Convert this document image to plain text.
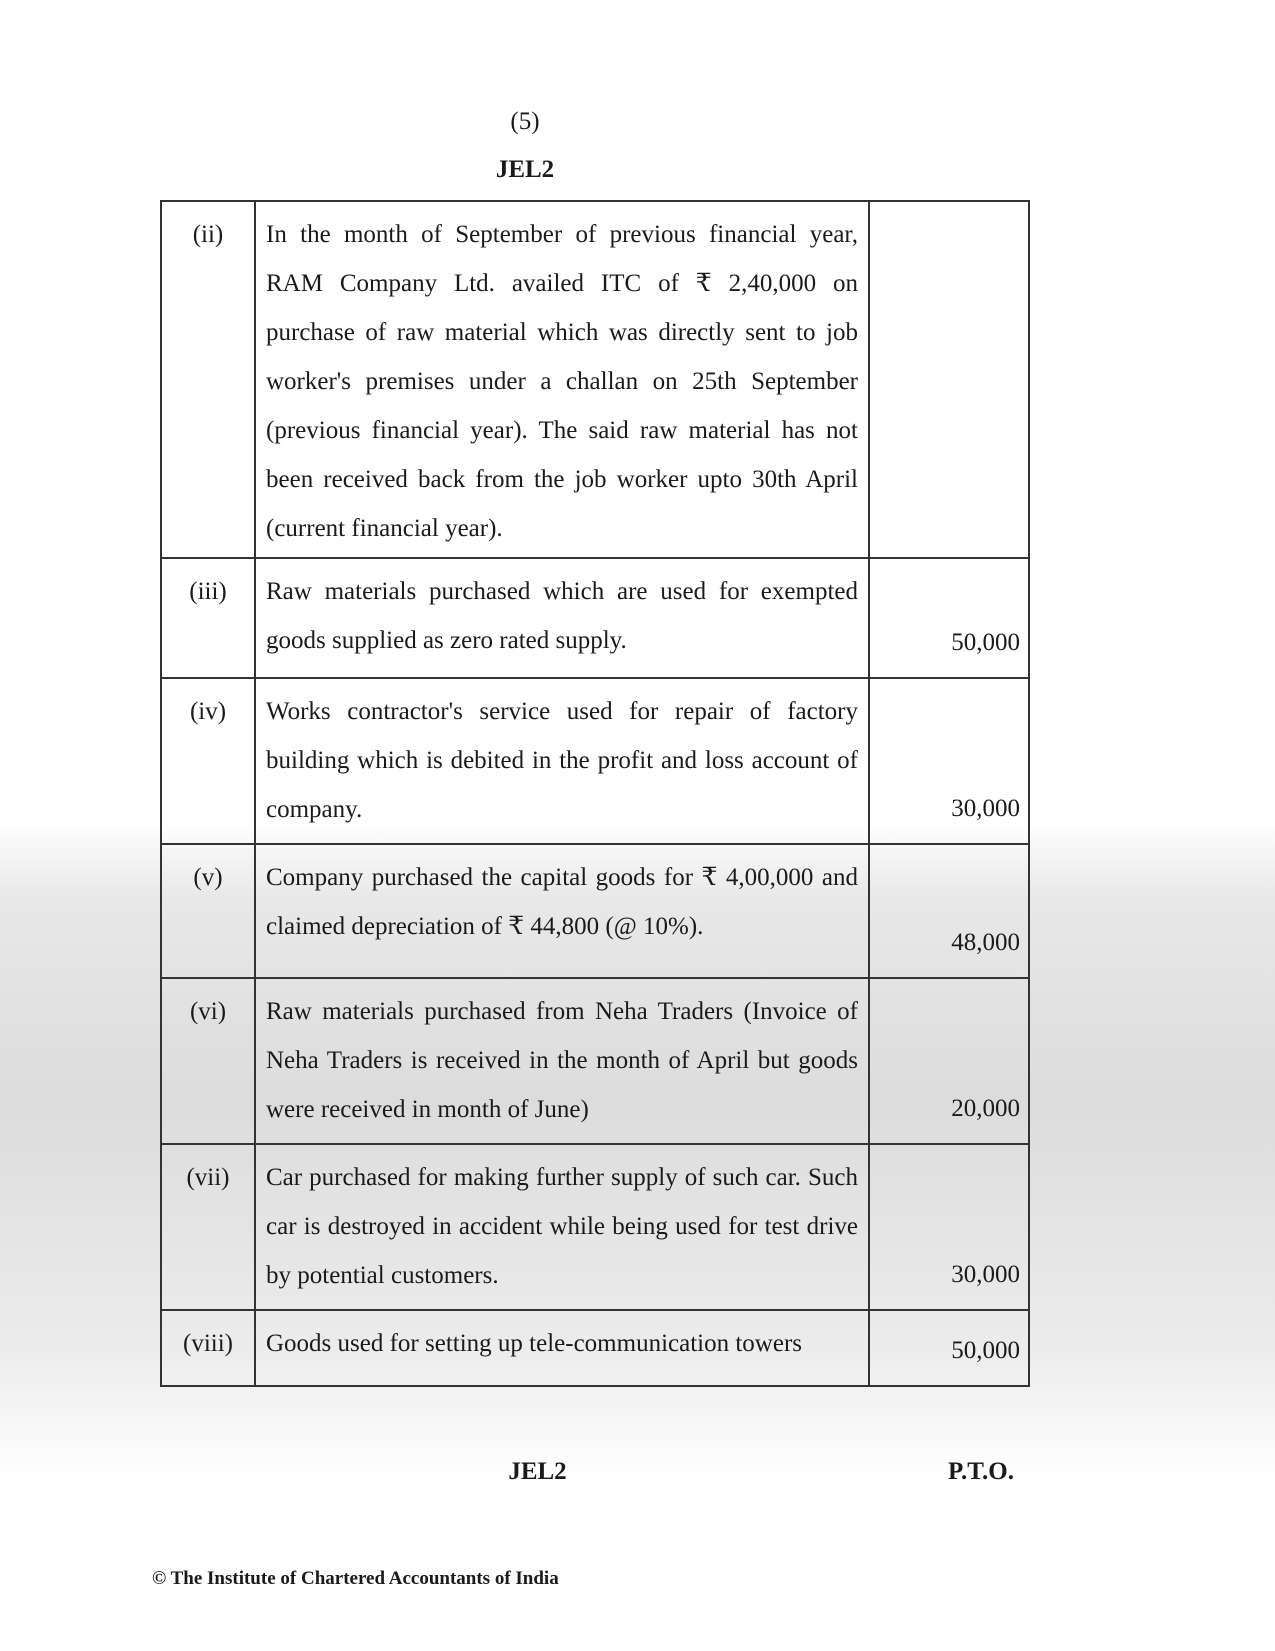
(5)
JEL2
(ii)	In the month of September of previous financial year, RAM Company Ltd. availed ITC of ₹ 2,40,000 on purchase of raw material which was directly sent to job worker's premises under a challan on 25th September (previous financial year). The said raw material has not been received back from the job worker upto 30th April (current financial year).	
(iii)	Raw materials purchased which are used for exempted goods supplied as zero rated supply.	50,000
(iv)	Works contractor's service used for repair of factory building which is debited in the profit and loss account of company.	30,000
(v)	Company purchased the capital goods for ₹ 4,00,000 and claimed depreciation of ₹ 44,800 (@ 10%).	48,000
(vi)	Raw materials purchased from Neha Traders (Invoice of Neha Traders is received in the month of April but goods were received in month of June)	20,000
(vii)	Car purchased for making further supply of such car. Such car is destroyed in accident while being used for test drive by potential customers.	30,000
(viii)	Goods used for setting up tele-communication towers	50,000
JEL2	P.T.O.
© The Institute of Chartered Accountants of India
